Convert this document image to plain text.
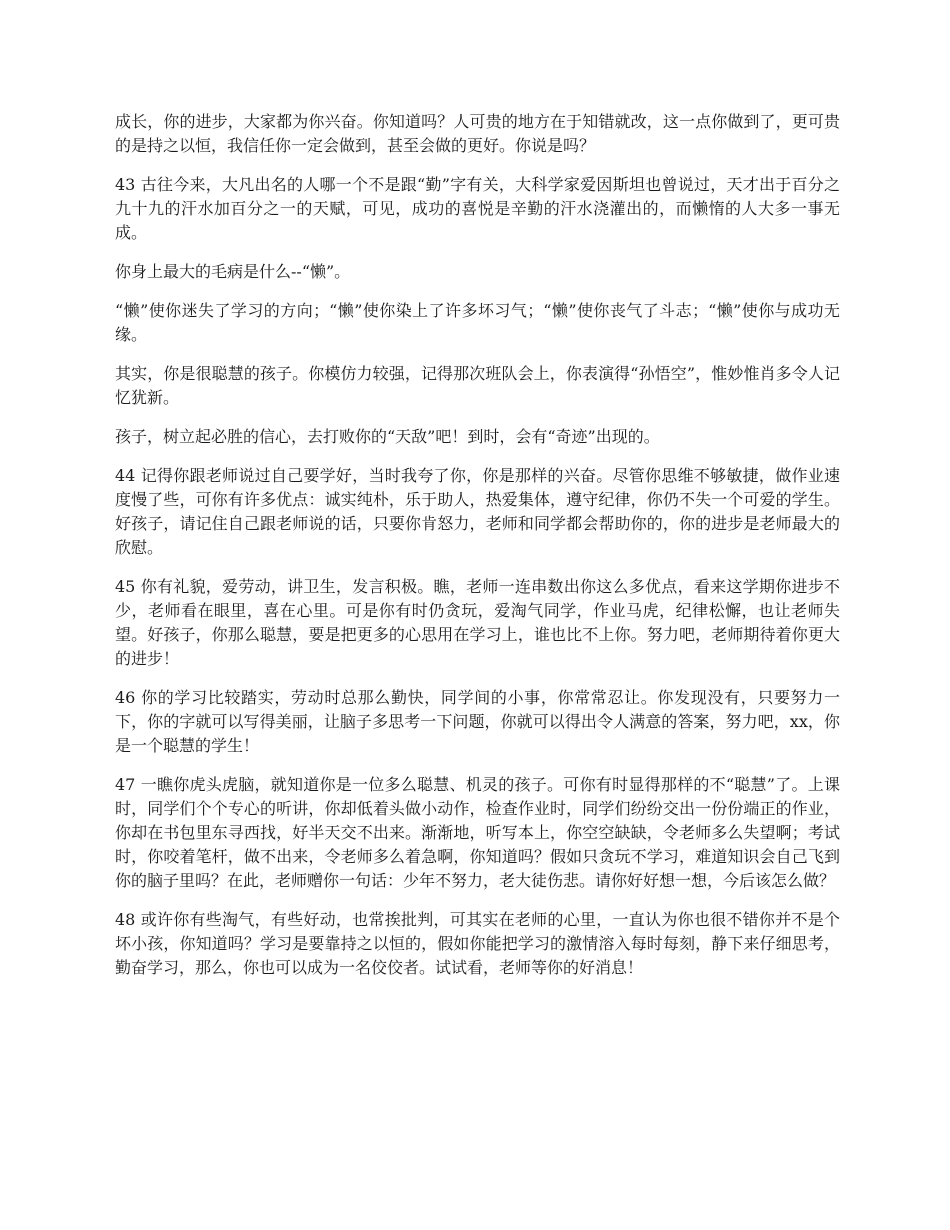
成长，你的进步，大家都为你兴奋。你知道吗？人可贵的地方在于知错就改，这一点你做到了，更可贵的是持之以恒，我信任你一定会做到，甚至会做的更好。你说是吗？

43 古往今来，大凡出名的人哪一个不是跟“勤”字有关，大科学家爱因斯坦也曾说过，天才出于百分之九十九的汗水加百分之一的天赋，可见，成功的喜悦是辛勤的汗水浇灌出的，而懒惰的人大多一事无成。

你身上最大的毛病是什么--“懒”。

“懒”使你迷失了学习的方向；“懒”使你染上了许多坏习气；“懒”使你丧气了斗志；“懒”使你与成功无缘。

其实，你是很聪慧的孩子。你模仿力较强，记得那次班队会上，你表演得“孙悟空”，惟妙惟肖多令人记忆犹新。

孩子，树立起必胜的信心，去打败你的“天敌”吧！到时，会有“奇迹”出现的。

44 记得你跟老师说过自己要学好，当时我夸了你，你是那样的兴奋。尽管你思维不够敏捷，做作业速度慢了些，可你有许多优点：诚实纯朴，乐于助人，热爱集体，遵守纪律，你仍不失一个可爱的学生。好孩子，请记住自己跟老师说的话，只要你肯怒力，老师和同学都会帮助你的，你的进步是老师最大的欣慰。

45 你有礼貌，爱劳动，讲卫生，发言积极。瞧，老师一连串数出你这么多优点，看来这学期你进步不少，老师看在眼里，喜在心里。可是你有时仍贪玩，爱淘气同学，作业马虎，纪律松懈，也让老师失望。好孩子，你那么聪慧，要是把更多的心思用在学习上，谁也比不上你。努力吧，老师期待着你更大的进步！

46 你的学习比较踏实，劳动时总那么勤快，同学间的小事，你常常忍让。你发现没有，只要努力一下，你的字就可以写得美丽，让脑子多思考一下问题，你就可以得出令人满意的答案，努力吧，xx，你是一个聪慧的学生！

47 一瞧你虎头虎脑，就知道你是一位多么聪慧、机灵的孩子。可你有时显得那样的不“聪慧”了。上课时，同学们个个专心的听讲，你却低着头做小动作，检查作业时，同学们纷纷交出一份份端正的作业，你却在书包里东寻西找，好半天交不出来。渐渐地，听写本上，你空空缺缺，令老师多么失望啊；考试时，你咬着笔杆，做不出来，令老师多么着急啊，你知道吗？假如只贪玩不学习，难道知识会自己飞到你的脑子里吗？在此，老师赠你一句话：少年不努力，老大徒伤悲。请你好好想一想，今后该怎么做？

48 或许你有些淘气，有些好动，也常挨批判，可其实在老师的心里，一直认为你也很不错你并不是个坏小孩，你知道吗？学习是要靠持之以恒的，假如你能把学习的激情溶入每时每刻，静下来仔细思考，勤奋学习，那么，你也可以成为一名佼佼者。试试看，老师等你的好消息！
